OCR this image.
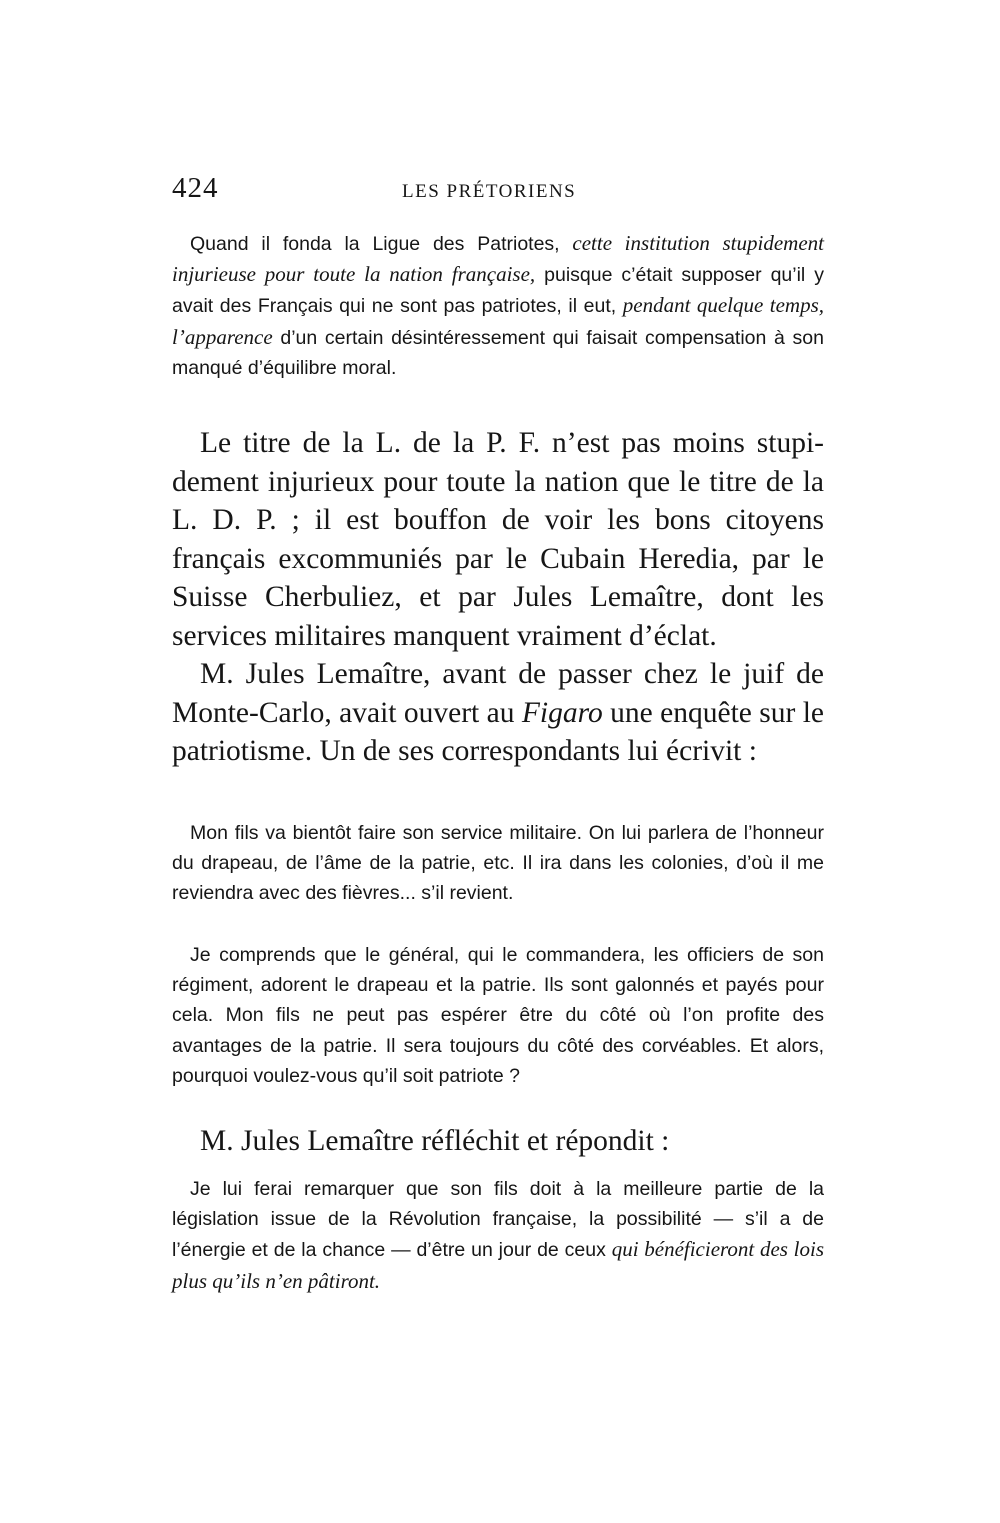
424	LES PRÉTORIENS

Quand il fonda la Ligue des Patriotes, cette institution stupidement injurieuse pour toute la nation française, puisque c’était supposer qu’il y avait des Français qui ne sont pas patriotes, il eut, pendant quelque temps, l’apparence d’un certain désintéressement qui faisait compensation à son manqué d’équilibre moral.

Le titre de la L. de la P. F. n’est pas moins stupidement injurieux pour toute la nation que le titre de la L. D. P. ; il est bouffon de voir les bons citoyens français excommuniés par le Cubain Heredia, par le Suisse Cherbuliez, et par Jules Lemaître, dont les services militaires manquent vraiment d’éclat.

M. Jules Lemaître, avant de passer chez le juif de Monte-Carlo, avait ouvert au Figaro une enquête sur le patriotisme. Un de ses correspondants lui écrivit :

Mon fils va bientôt faire son service militaire. On lui parlera de l’honneur du drapeau, de l’âme de la patrie, etc. Il ira dans les colonies, d’où il me reviendra avec des fièvres... s’il revient.

Je comprends que le général, qui le commandera, les officiers de son régiment, adorent le drapeau et la patrie. Ils sont galonnés et payés pour cela. Mon fils ne peut pas espérer être du côté où l’on profite des avantages de la patrie. Il sera toujours du côté des corvéables. Et alors, pourquoi voulez-vous qu’il soit patriote ?

M. Jules Lemaître réfléchit et répondit :

Je lui ferai remarquer que son fils doit à la meilleure partie de la législation issue de la Révolution française, la possibilité — s’il a de l’énergie et de la chance — d’être un jour de ceux qui bénéficieront des lois plus qu’ils n’en pâtiront.
